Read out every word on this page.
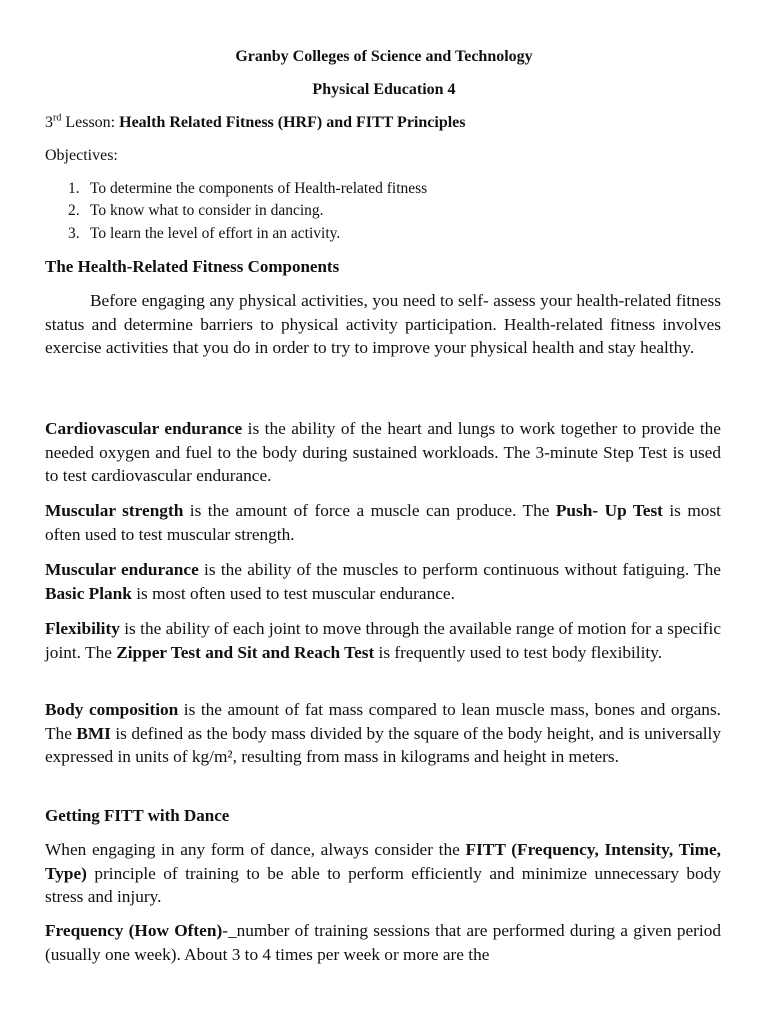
Granby Colleges of Science and Technology
Physical Education 4
3rd Lesson: Health Related Fitness (HRF) and FITT Principles
Objectives:
1. To determine the components of Health-related fitness
2. To know what to consider in dancing.
3. To learn the level of effort in an activity.
The Health-Related Fitness Components

Before engaging any physical activities, you need to self- assess your health-related fitness status and determine barriers to physical activity participation. Health-related fitness involves exercise activities that you do in order to try to improve your physical health and stay healthy.

Cardiovascular endurance is the ability of the heart and lungs to work together to provide the needed oxygen and fuel to the body during sustained workloads. The 3-minute Step Test is used to test cardiovascular endurance.

Muscular strength is the amount of force a muscle can produce. The Push- Up Test is most often used to test muscular strength.

Muscular endurance is the ability of the muscles to perform continuous without fatiguing. The Basic Plank is most often used to test muscular endurance.

Flexibility is the ability of each joint to move through the available range of motion for a specific joint. The Zipper Test and Sit and Reach Test is frequently used to test body flexibility.

Body composition is the amount of fat mass compared to lean muscle mass, bones and organs. The BMI is defined as the body mass divided by the square of the body height, and is universally expressed in units of kg/m², resulting from mass in kilograms and height in meters.

Getting FITT with Dance

When engaging in any form of dance, always consider the FITT (Frequency, Intensity, Time, Type) principle of training to be able to perform efficiently and minimize unnecessary body stress and injury.

Frequency (How Often)-_number of training sessions that are performed during a given period (usually one week). About 3 to 4 times per week or more are the
